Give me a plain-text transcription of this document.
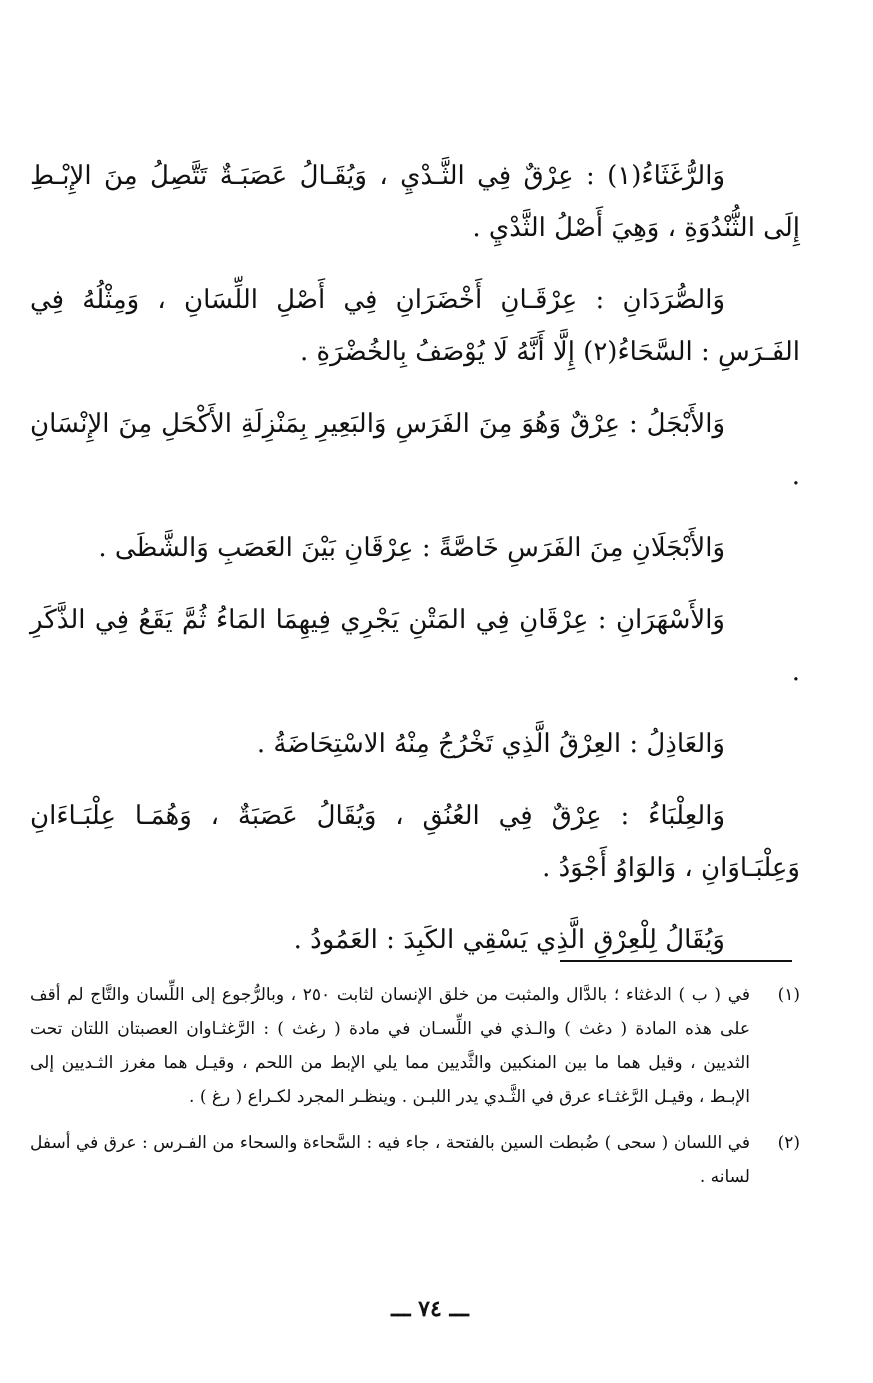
وَالرُّغَثَاءُ(١) : عِرْقٌ فِي الثَّـدْيِ ، وَيُقَـالُ عَصَبَـةٌ تَتَّصِلُ مِنَ الإِبْـطِ إِلَى الثُّنْدُوَةِ ، وَهِيَ أَصْلُ الثَّدْيِ .

وَالصُّرَدَانِ : عِرْقَـانِ أَخْضَرَانِ فِي أَصْلِ اللِّسَانِ ، وَمِثْلُهُ فِي الفَـرَسِ : السَّحَاءُ(٢) إِلَّا أَنَّهُ لَا يُوْصَفُ بِالخُضْرَةِ .

وَالأَبْجَلُ : عِرْقٌ وَهُوَ مِنَ الفَرَسِ وَالبَعِيرِ بِمَنْزِلَةِ الأَكْحَلِ مِنَ الإِنْسَانِ .

وَالأَبْجَلَانِ مِنَ الفَرَسِ خَاصَّةً : عِرْقَانِ بَيْنَ العَصَبِ وَالشَّظَى .

وَالأَسْهَرَانِ : عِرْقَانِ فِي المَتْنِ يَجْرِي فِيهِمَا المَاءُ ثُمَّ يَقَعُ فِي الذَّكَرِ .

وَالعَاذِلُ : العِرْقُ الَّذِي تَخْرُجُ مِنْهُ الاسْتِحَاضَةُ .

وَالعِلْبَاءُ : عِرْقٌ فِي العُنُقِ ، وَيُقَالُ عَصَبَةٌ ، وَهُمَـا عِلْبَـاءَانِ وَعِلْبَـاوَانِ ، وَالوَاوُ أَجْوَدُ .

وَيُقَالُ لِلْعِرْقِ الَّذِي يَسْقِي الكَبِدَ : العَمُودُ .

(١)
في ( ب ) الدغثاء ؛ بالدَّال والمثبت من خلق الإنسان لثابت ٢٥٠ ، وبالرُّجوع إلى اللِّسان والتَّاج لم أقف على هذه المادة ( دغث ) والـذي في اللِّسـان في مادة ( رغث ) : الرَّغثـاوان العصبتان اللتان تحت الثديين ، وقيل هما ما بين المنكبين والثَّديين مما يلي الإبط من اللحم ، وقيـل هما مغرز الثـديين إلى الإبـط ، وقيـل الرَّغثـاء عرق في الثَّـدي يدر اللبـن . وينظـر المجرد لكـراع ( رغ ) .
(٢)
في اللسان ( سحى ) ضُبطت السين بالفتحة ، جاء فيه : السَّحاءة والسحاء من الفـرس : عرق في أسفل لسانه .
ـــ ٧٤ ـــ
